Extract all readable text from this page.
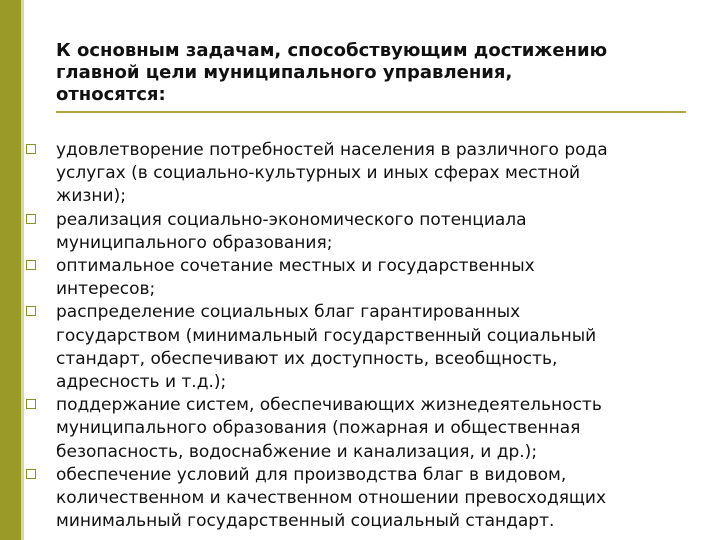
К основным задачам, способствующим достижению
главной цели муниципального управления,
относятся:
удовлетворение потребностей населения в различного рода
услугах (в социально-культурных и иных сферах местной
жизни);
реализация социально-экономического потенциала
муниципального образования;
оптимальное сочетание местных и государственных
интересов;
распределение социальных благ гарантированных
государством (минимальный государственный социальный
стандарт, обеспечивают их доступность, всеобщность,
адресность и т.д.);
поддержание систем, обеспечивающих жизнедеятельность
муниципального образования (пожарная и общественная
безопасность, водоснабжение и канализация, и др.);
обеспечение условий для производства благ в видовом,
количественном и качественном отношении превосходящих
минимальный государственный социальный стандарт.
